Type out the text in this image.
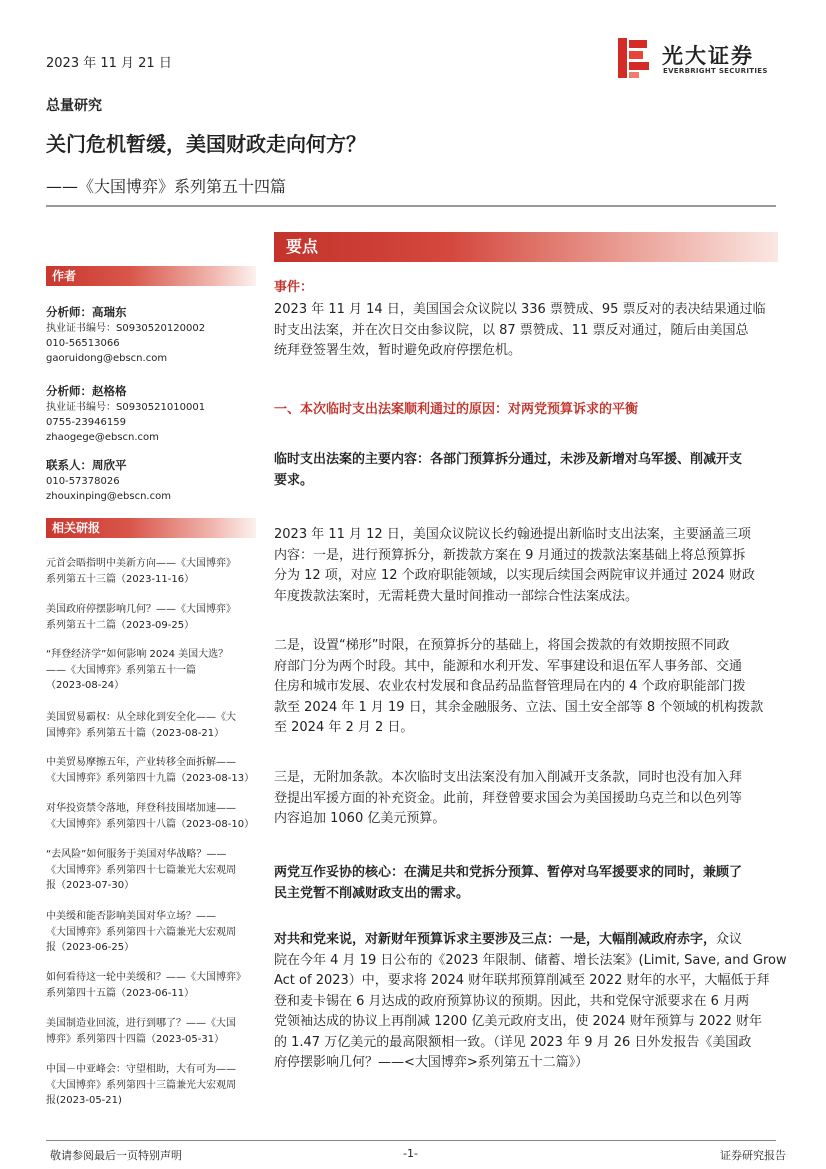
2023 年 11 月 21 日	光大证券
EVERBRIGHT SECURITIES
总量研究
关门危机暂缓，美国财政走向何方？
——《大国博弈》系列第五十四篇
作者
分析师：高瑞东
执业证书编号：S0930520120002
010-56513066
gaoruidong@ebscn.com
分析师：赵格格
执业证书编号：S0930521010001
0755-23946159
zhaogege@ebscn.com
联系人：周欣平
010-57378026
zhouxinping@ebscn.com
相关研报
元首会晤指明中美新方向——《大国博弈》
系列第五十三篇（2023-11-16）
美国政府停摆影响几何？——《大国博弈》
系列第五十二篇（2023-09-25）
“拜登经济学”如何影响 2024 美国大选？
——《大国博弈》系列第五十一篇
（2023-08-24）
美国贸易霸权：从全球化到安全化——《大
国博弈》系列第五十篇（2023-08-21）
中美贸易摩擦五年，产业转移全面拆解——
《大国博弈》系列第四十九篇（2023-08-13）
对华投资禁令落地，拜登科技围堵加速——
《大国博弈》系列第四十八篇（2023-08-10）
“去风险”如何服务于美国对华战略？——
《大国博弈》系列第四十七篇兼光大宏观周
报（2023-07-30）
中美缓和能否影响美国对华立场？——
《大国博弈》系列第四十六篇兼光大宏观周
报（2023-06-25）
如何看待这一轮中美缓和？——《大国博弈》
系列第四十五篇（2023-06-11）
美国制造业回流，进行到哪了？——《大国
博弈》系列第四十四篇（2023-05-31）
中国－中亚峰会：守望相助，大有可为——
《大国博弈》系列第四十三篇兼光大宏观周
报(2023-05-21)
要点
事件：
2023 年 11 月 14 日，美国国会众议院以 336 票赞成、95 票反对的表决结果通过临
时支出法案，并在次日交由参议院，以 87 票赞成、11 票反对通过，随后由美国总
统拜登签署生效，暂时避免政府停摆危机。
一、本次临时支出法案顺利通过的原因：对两党预算诉求的平衡
临时支出法案的主要内容：各部门预算拆分通过，未涉及新增对乌军援、削减开支
要求。
2023 年 11 月 12 日，美国众议院议长约翰逊提出新临时支出法案，主要涵盖三项
内容：一是，进行预算拆分，新拨款方案在 9 月通过的拨款法案基础上将总预算拆
分为 12 项，对应 12 个政府职能领域，以实现后续国会两院审议并通过 2024 财政
年度拨款法案时，无需耗费大量时间推动一部综合性法案成法。
二是，设置“梯形”时限，在预算拆分的基础上，将国会拨款的有效期按照不同政
府部门分为两个时段。其中，能源和水利开发、军事建设和退伍军人事务部、交通
住房和城市发展、农业农村发展和食品药品监督管理局在内的 4 个政府职能部门拨
款至 2024 年 1 月 19 日，其余金融服务、立法、国土安全部等 8 个领域的机构拨款
至 2024 年 2 月 2 日。
三是，无附加条款。本次临时支出法案没有加入削减开支条款，同时也没有加入拜
登提出军援方面的补充资金。此前，拜登曾要求国会为美国援助乌克兰和以色列等
内容追加 1060 亿美元预算。
两党互作妥协的核心：在满足共和党拆分预算、暂停对乌军援要求的同时，兼顾了
民主党暂不削减财政支出的需求。
对共和党来说，对新财年预算诉求主要涉及三点：一是，大幅削减政府赤字，众议
院在今年 4 月 19 日公布的《2023 年限制、储蓄、增长法案》(Limit, Save, and Grow
Act of 2023）中，要求将 2024 财年联邦预算削减至 2022 财年的水平，大幅低于拜
登和麦卡锡在 6 月达成的政府预算协议的预期。因此，共和党保守派要求在 6 月两
党领袖达成的协议上再削减 1200 亿美元政府支出，使 2024 财年预算与 2022 财年
的 1.47 万亿美元的最高限额相一致。（详见 2023 年 9 月 26 日外发报告《美国政
府停摆影响几何？——<大国博弈>系列第五十二篇》）
敬请参阅最后一页特别声明	-1-	证券研究报告
